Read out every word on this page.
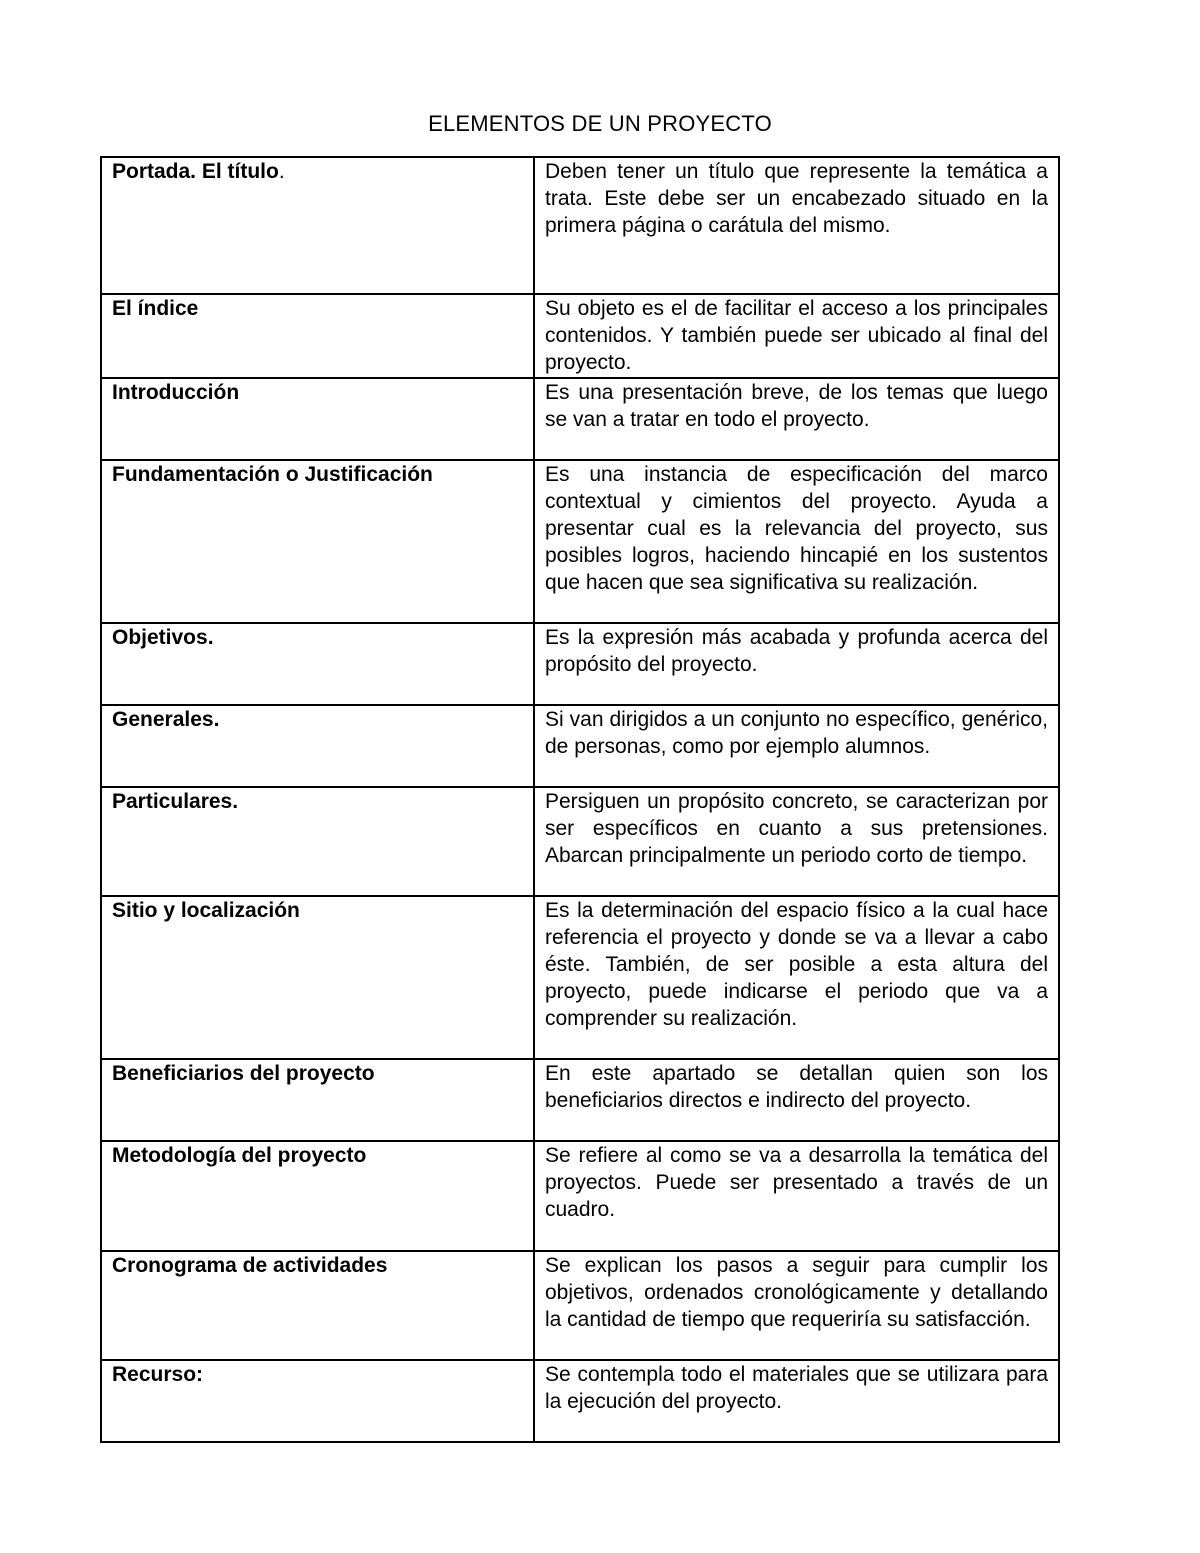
ELEMENTOS DE UN PROYECTO
Portada. El título.	Deben tener un título que represente la temática a trata. Este debe ser un encabezado situado en la primera página o carátula del mismo.
El índice	Su objeto es el de facilitar el acceso a los principales contenidos. Y también puede ser ubicado al final del proyecto.
Introducción	Es una presentación breve, de los temas que luego se van a tratar en todo el proyecto.
Fundamentación o Justificación	Es una instancia de especificación del marco contextual y cimientos del proyecto. Ayuda a presentar cual es la relevancia del proyecto, sus posibles logros, haciendo hincapié en los sustentos que hacen que sea significativa su realización.
Objetivos.	Es la expresión más acabada y profunda acerca del propósito del proyecto.
Generales.	Si van dirigidos a un conjunto no específico, genérico, de personas, como por ejemplo alumnos.
Particulares.	Persiguen un propósito concreto, se caracterizan por ser específicos en cuanto a sus pretensiones. Abarcan principalmente un periodo corto de tiempo.
Sitio y localización	Es la determinación del espacio físico a la cual hace referencia el proyecto y donde se va a llevar a cabo éste. También, de ser posible a esta altura del proyecto, puede indicarse el periodo que va a comprender su realización.
Beneficiarios del proyecto	En este apartado se detallan quien son los beneficiarios directos e indirecto del proyecto.
Metodología del proyecto	Se refiere al como se va a desarrolla la temática del proyectos. Puede ser presentado a través de un cuadro.
Cronograma de actividades	Se explican los pasos a seguir para cumplir los objetivos, ordenados cronológicamente y detallando la cantidad de tiempo que requeriría su satisfacción.
Recurso:	Se contempla todo el materiales que se utilizara para la ejecución del proyecto.
